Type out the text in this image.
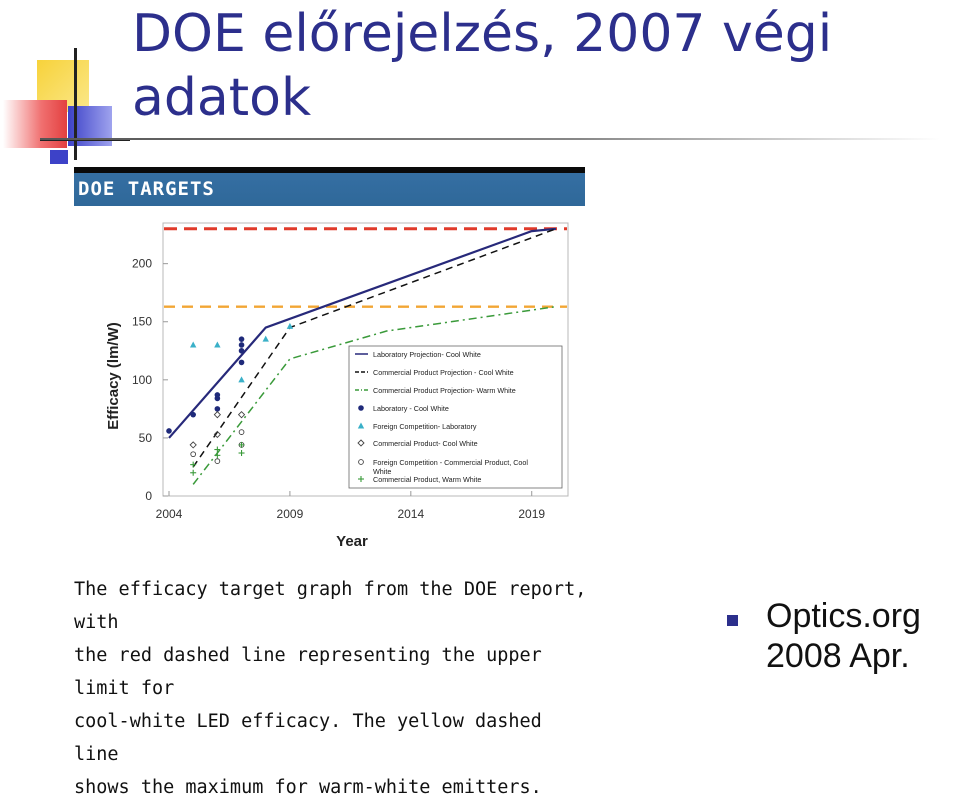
DOE előrejelzés, 2007 végi adatok
DOE TARGETS
0
50
100
150
200
2004	2009	2014	2019
Efficacy (lm/W)
Year
Laboratory Projection- Cool White
Commercial Product Projection - Cool White
Commercial Product Projection- Warm White
Laboratory - Cool White
Foreign Competition- Laboratory
Commercial Product- Cool White
Foreign Competition - Commercial Product, Cool White
Commercial Product, Warm White
The efficacy target graph from the DOE report, with
the red dashed line representing the upper limit for
cool-white LED efficacy. The yellow dashed line
shows the maximum for warm-white emitters.
Optics.org
2008 Apr.
